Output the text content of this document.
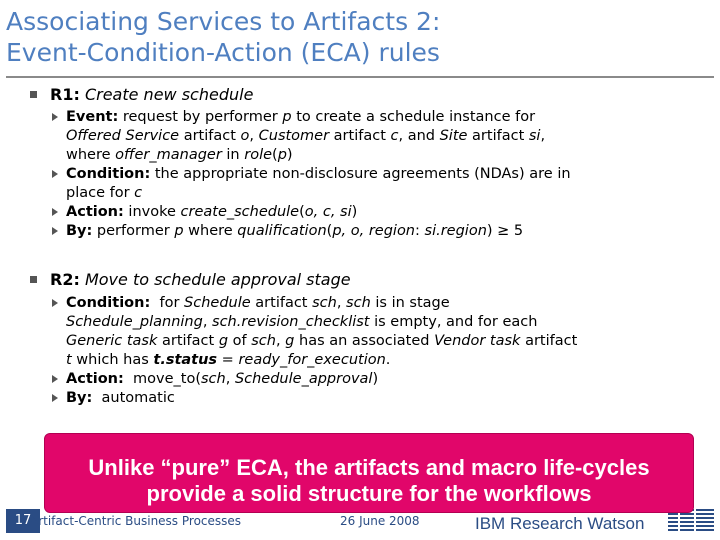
Associating Services to Artifacts 2:
Event-Condition-Action (ECA) rules
R1: Create new schedule
Event: request by performer p to create a schedule instance for
Offered Service artifact o, Customer artifact c, and Site artifact si,
where offer_manager in role(p)
Condition: the appropriate non-disclosure agreements (NDAs) are in
place for c
Action: invoke create_schedule(o, c, si)
By: performer p where qualification(p, o, region: si.region) ≥ 5
R2: Move to schedule approval stage
Condition:  for Schedule artifact sch, sch is in stage
Schedule_planning, sch.revision_checklist is empty, and for each
Generic task artifact g of sch, g has an associated Vendor task artifact
t which has t.status = ready_for_execution.
Action:  move_to(sch, Schedule_approval)
By:  automatic
17
Artifact-Centric Business Processes	26 June 2008	IBM Research Watson
Unlike “pure” ECA, the artifacts and macro life-cycles
provide a solid structure for the workflows
